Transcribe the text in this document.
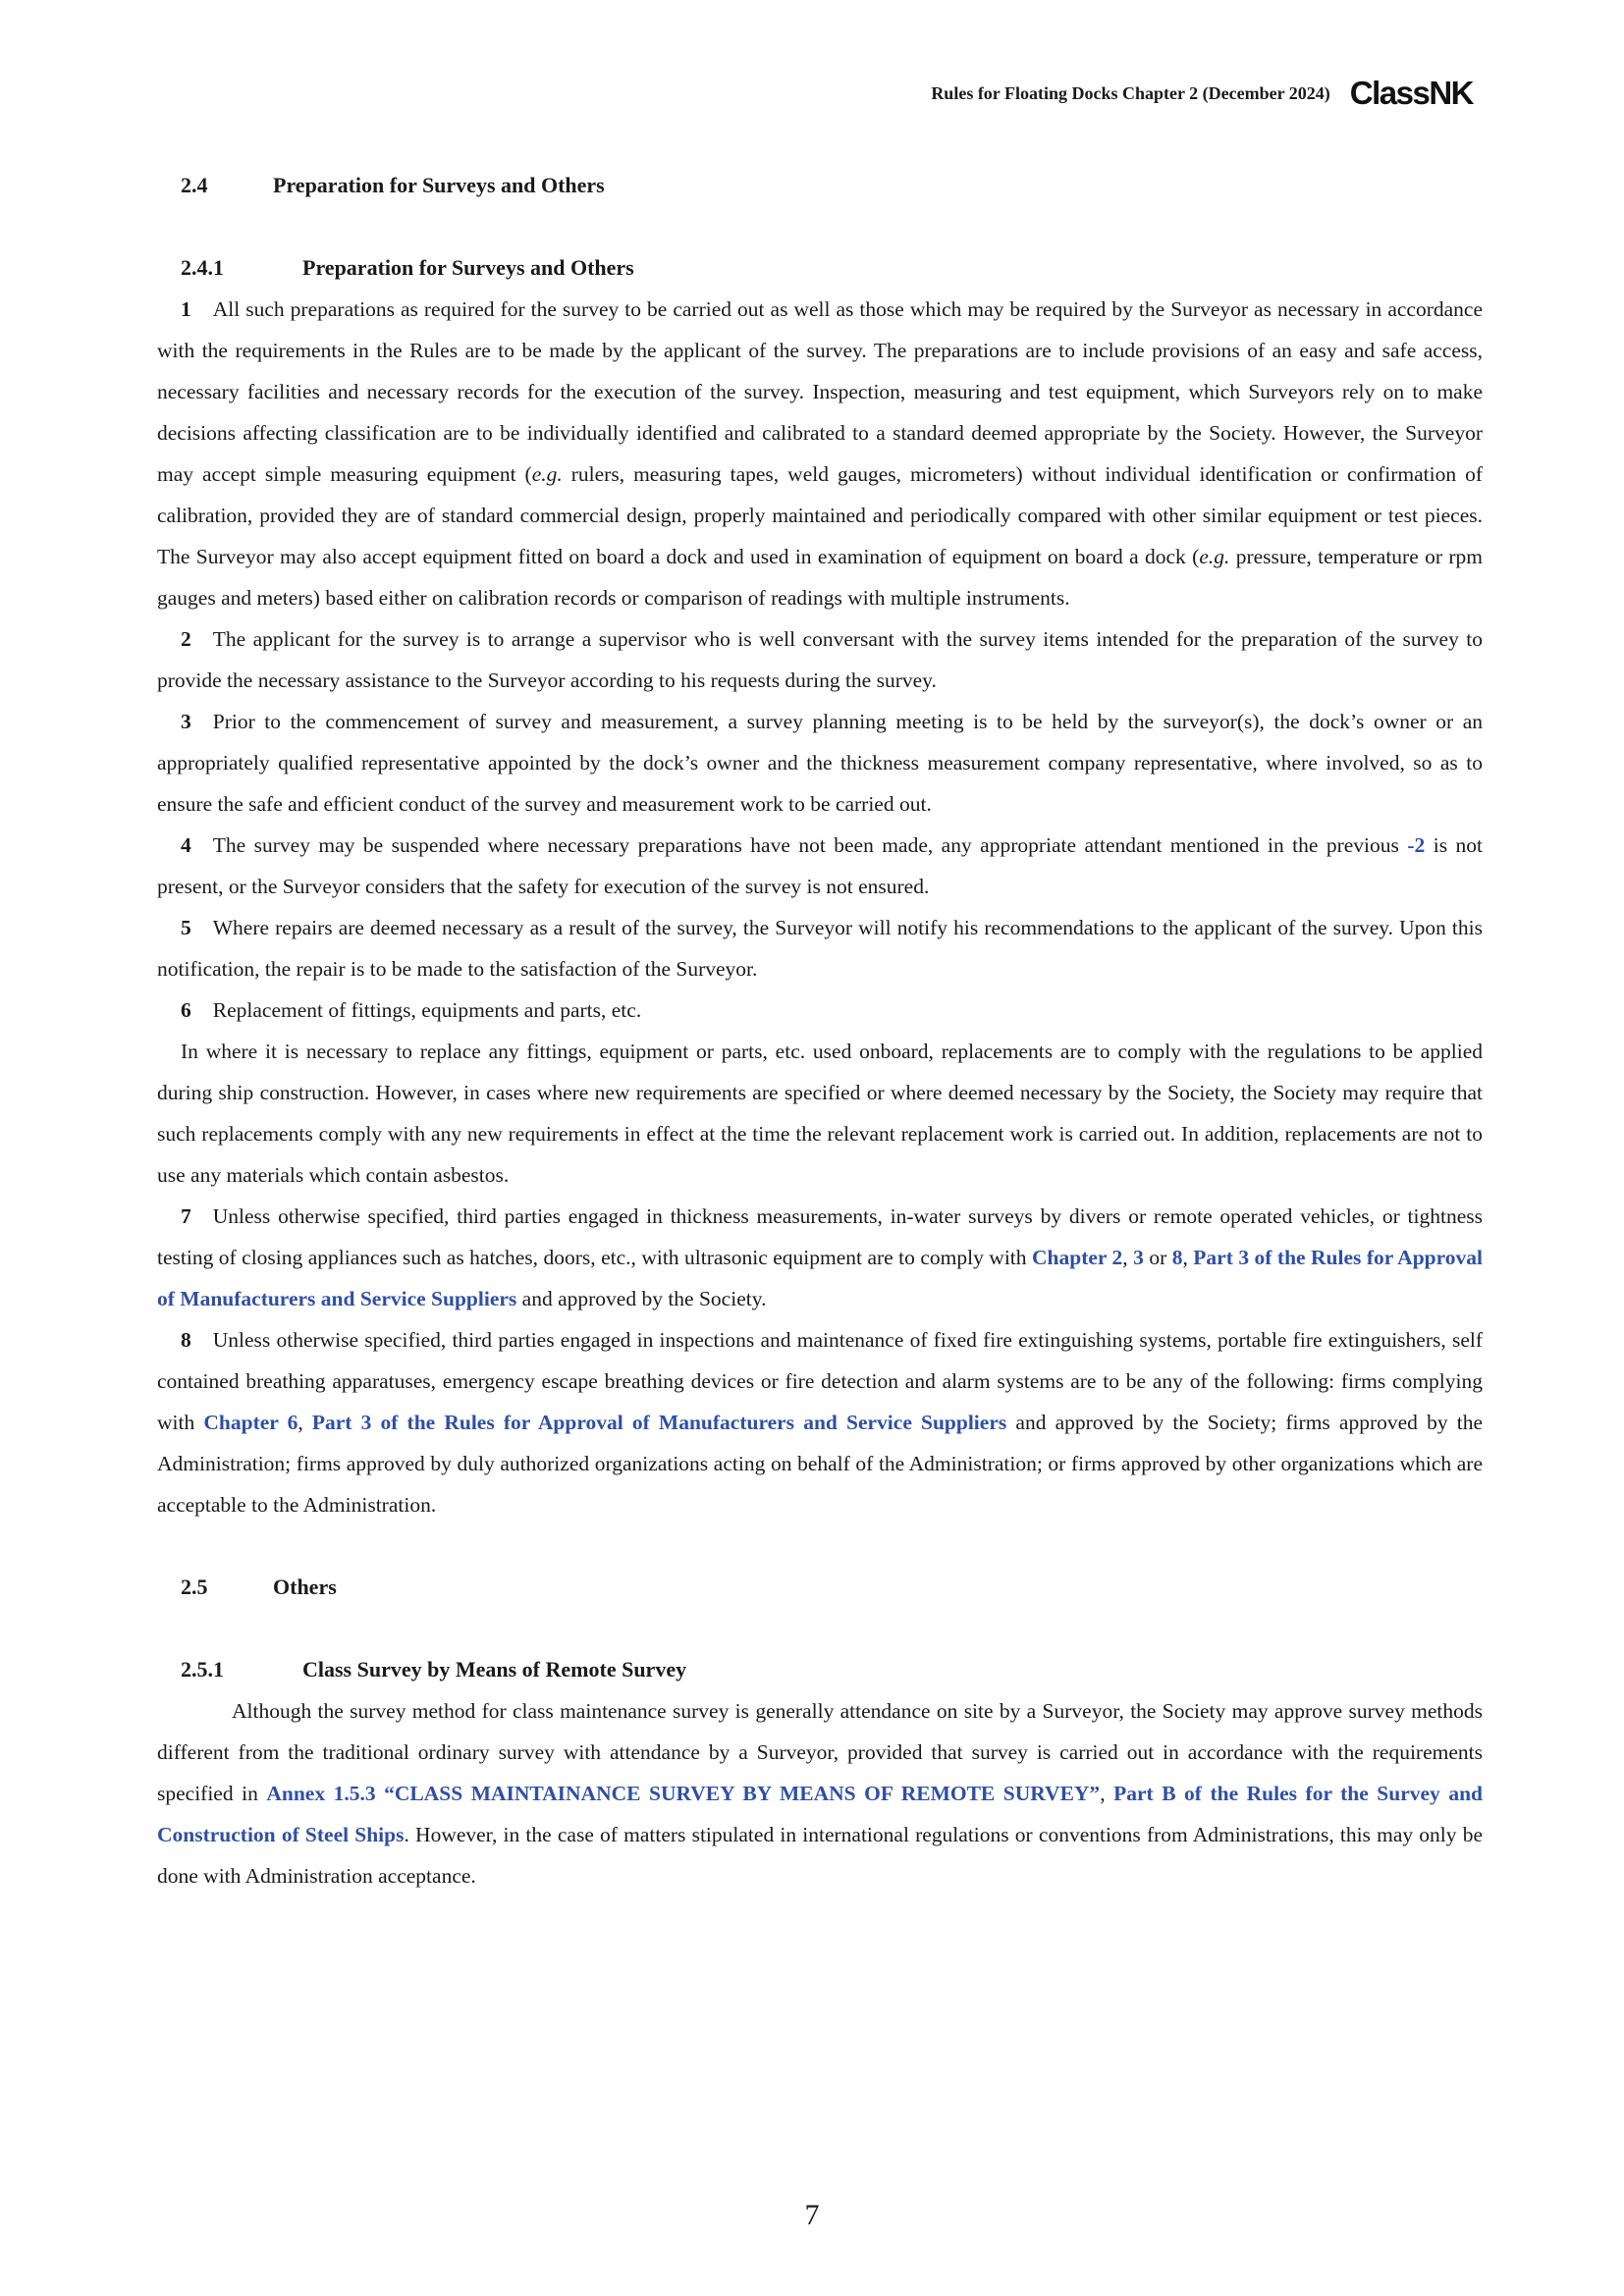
Rules for Floating Docks Chapter 2 (December 2024) ClassNK
2.4	Preparation for Surveys and Others
2.4.1	Preparation for Surveys and Others

1 All such preparations as required for the survey to be carried out as well as those which may be required by the Surveyor as necessary in accordance with the requirements in the Rules are to be made by the applicant of the survey. The preparations are to include provisions of an easy and safe access, necessary facilities and necessary records for the execution of the survey. Inspection, measuring and test equipment, which Surveyors rely on to make decisions affecting classification are to be individually identified and calibrated to a standard deemed appropriate by the Society. However, the Surveyor may accept simple measuring equipment (e.g. rulers, measuring tapes, weld gauges, micrometers) without individual identification or confirmation of calibration, provided they are of standard commercial design, properly maintained and periodically compared with other similar equipment or test pieces. The Surveyor may also accept equipment fitted on board a dock and used in examination of equipment on board a dock (e.g. pressure, temperature or rpm gauges and meters) based either on calibration records or comparison of readings with multiple instruments.

2 The applicant for the survey is to arrange a supervisor who is well conversant with the survey items intended for the preparation of the survey to provide the necessary assistance to the Surveyor according to his requests during the survey.

3 Prior to the commencement of survey and measurement, a survey planning meeting is to be held by the surveyor(s), the dock’s owner or an appropriately qualified representative appointed by the dock’s owner and the thickness measurement company representative, where involved, so as to ensure the safe and efficient conduct of the survey and measurement work to be carried out.

4 The survey may be suspended where necessary preparations have not been made, any appropriate attendant mentioned in the previous -2 is not present, or the Surveyor considers that the safety for execution of the survey is not ensured.

5 Where repairs are deemed necessary as a result of the survey, the Surveyor will notify his recommendations to the applicant of the survey. Upon this notification, the repair is to be made to the satisfaction of the Surveyor.

6 Replacement of fittings, equipments and parts, etc.

In where it is necessary to replace any fittings, equipment or parts, etc. used onboard, replacements are to comply with the regulations to be applied during ship construction. However, in cases where new requirements are specified or where deemed necessary by the Society, the Society may require that such replacements comply with any new requirements in effect at the time the relevant replacement work is carried out. In addition, replacements are not to use any materials which contain asbestos.

7 Unless otherwise specified, third parties engaged in thickness measurements, in-water surveys by divers or remote operated vehicles, or tightness testing of closing appliances such as hatches, doors, etc., with ultrasonic equipment are to comply with Chapter 2, 3 or 8, Part 3 of the Rules for Approval of Manufacturers and Service Suppliers and approved by the Society.

8 Unless otherwise specified, third parties engaged in inspections and maintenance of fixed fire extinguishing systems, portable fire extinguishers, self contained breathing apparatuses, emergency escape breathing devices or fire detection and alarm systems are to be any of the following: firms complying with Chapter 6, Part 3 of the Rules for Approval of Manufacturers and Service Suppliers and approved by the Society; firms approved by the Administration; firms approved by duly authorized organizations acting on behalf of the Administration; or firms approved by other organizations which are acceptable to the Administration.

2.5	Others
2.5.1	Class Survey by Means of Remote Survey

Although the survey method for class maintenance survey is generally attendance on site by a Surveyor, the Society may approve survey methods different from the traditional ordinary survey with attendance by a Surveyor, provided that survey is carried out in accordance with the requirements specified in Annex 1.5.3 “CLASS MAINTAINANCE SURVEY BY MEANS OF REMOTE SURVEY”, Part B of the Rules for the Survey and Construction of Steel Ships. However, in the case of matters stipulated in international regulations or conventions from Administrations, this may only be done with Administration acceptance.

7
